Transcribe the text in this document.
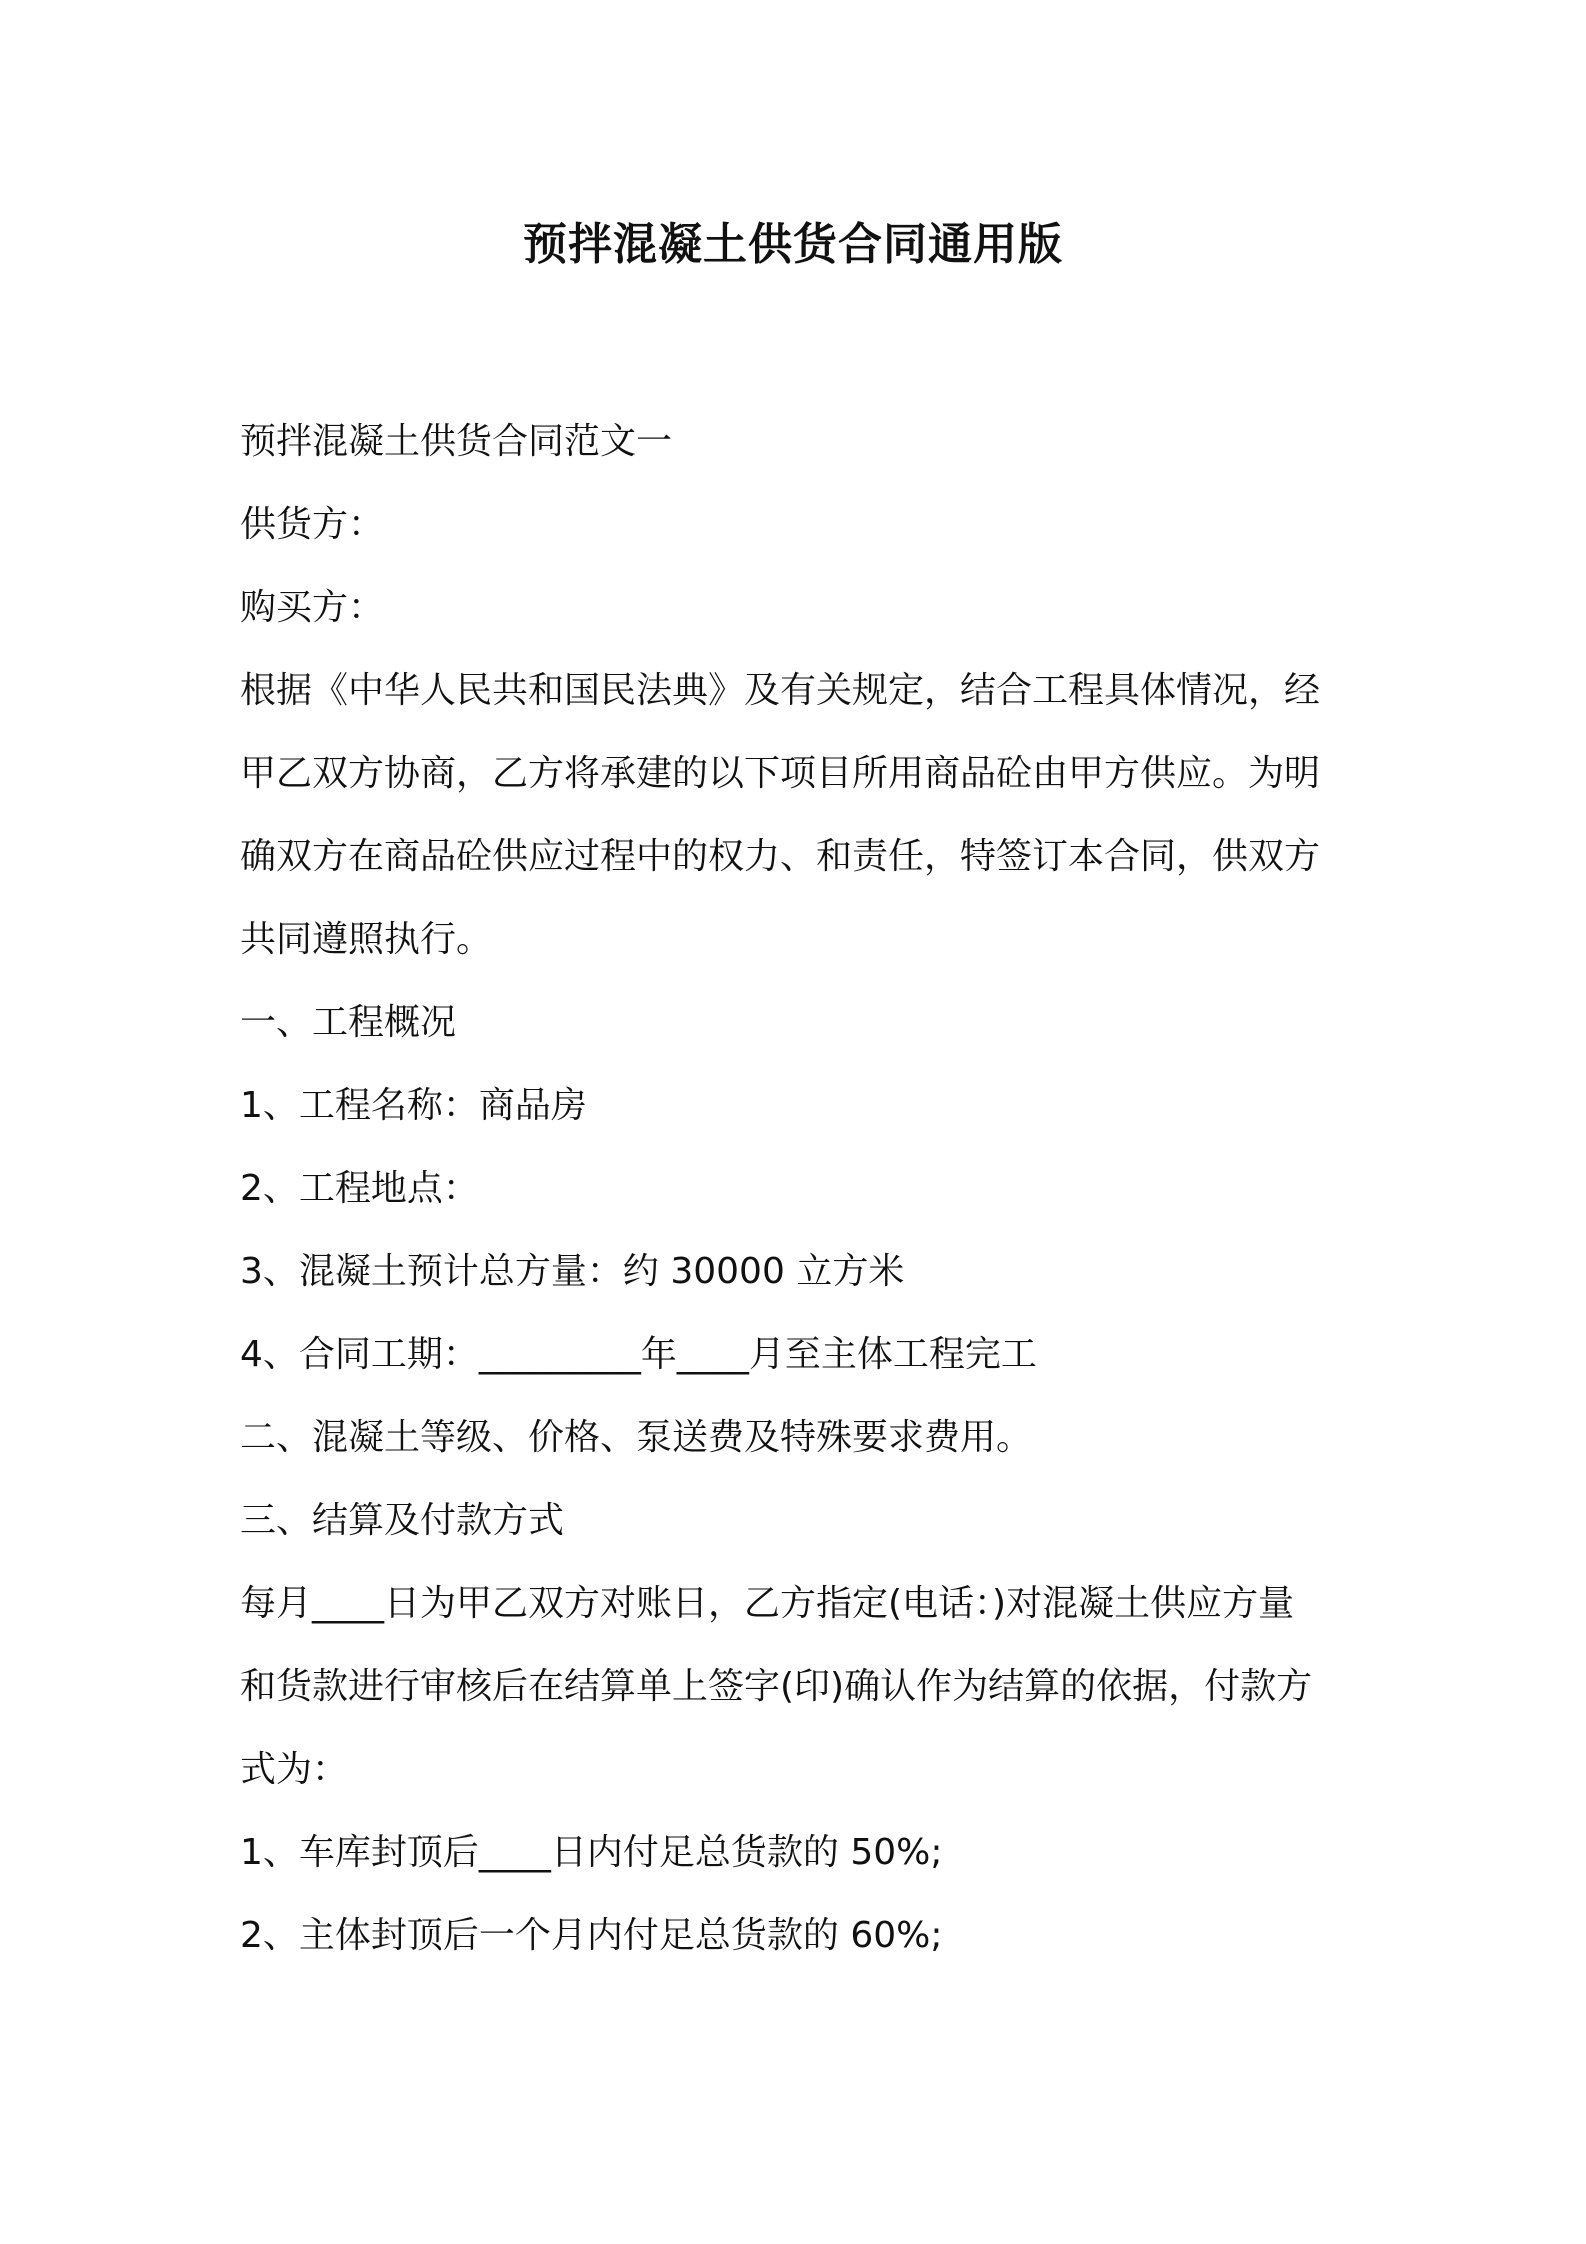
预拌混凝土供货合同通用版

预拌混凝土供货合同范文一

供货方：

购买方：

根据《中华人民共和国民法典》及有关规定，结合工程具体情况，经

甲乙双方协商，乙方将承建的以下项目所用商品砼由甲方供应。为明

确双方在商品砼供应过程中的权力、和责任，特签订本合同，供双方

共同遵照执行。

一、工程概况

1、工程名称：商品房

2、工程地点：

3、混凝土预计总方量：约 30000 立方米

4、合同工期：_________年____月至主体工程完工

二、混凝土等级、价格、泵送费及特殊要求费用。

三、结算及付款方式

每月____日为甲乙双方对账日，乙方指定(电话：)对混凝土供应方量

和货款进行审核后在结算单上签字(印)确认作为结算的依据，付款方

式为：

1、车库封顶后____日内付足总货款的 50%;

2、主体封顶后一个月内付足总货款的 60%;
